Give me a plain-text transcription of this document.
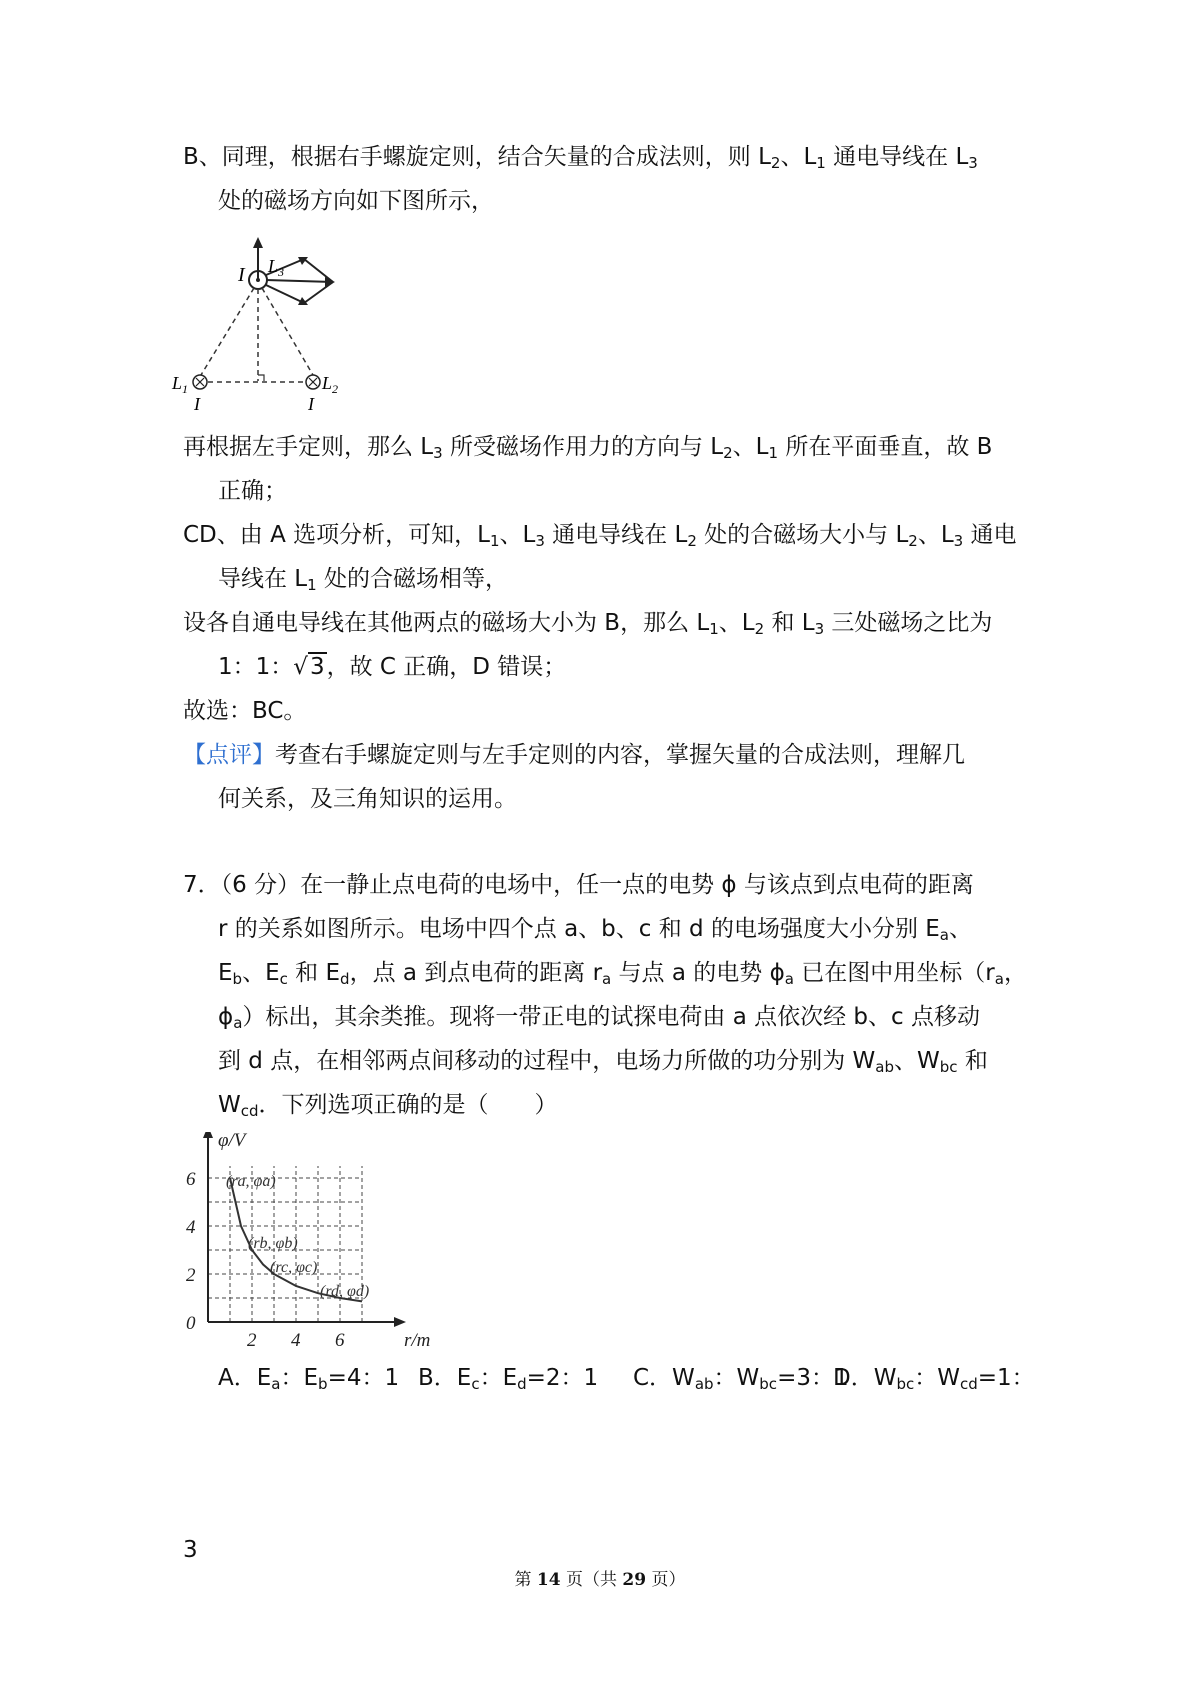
B、同理，根据右手螺旋定则，结合矢量的合成法则，则 $L_2$、$L_1$ 通电导线在 $L_3$
处的磁场方向如下图所示，
I $L_3$
$L_1$	$L_2$
I	I
再根据左手定则，那么 $L_3$ 所受磁场作用力的方向与 $L_2$、$L_1$ 所在平面垂直，故 B
正确；
CD、由 A 选项分析，可知，$L_1$、$L_3$ 通电导线在 $L_2$ 处的合磁场大小与 $L_2$、$L_3$ 通电
导线在 $L_1$ 处的合磁场相等，
设各自通电导线在其他两点的磁场大小为 B，那么 $L_1$、$L_2$ 和 $L_3$ 三处磁场之比为
1：1：√3，故 C 正确，D 错误；
故选：BC。
【点评】考查右手螺旋定则与左手定则的内容，掌握矢量的合成法则，理解几
何关系，及三角知识的运用。
7．（6 分）在一静止点电荷的电场中，任一点的电势 ϕ 与该点到点电荷的距离
r 的关系如图所示。电场中四个点 a、b、c 和 d 的电场强度大小分别 $E_a$、
$E_b$、$E_c$ 和 $E_d$，点 a 到点电荷的距离 $r_a$ 与点 a 的电势 $\phi_a$ 已在图中用坐标（$r_a$，
$\phi_a$）标出，其余类推。现将一带正电的试探电荷由 a 点依次经 b、c 点移动
到 d 点，在相邻两点间移动的过程中，电场力所做的功分别为 $W_{ab}$、$W_{bc}$ 和
$W_{cd}$．下列选项正确的是（　　）
2 4 6
0
2
4
6
φ/V
r/m
(ra, φa)
(rb, φb)
(rc, φc)
(rd, φd)
A．$E_a$：$E_b=4$：1 B．$E_c$：$E_d=2$：1 C．$W_{ab}$：$W_{bc}=3$：1
D．$W_{bc}$：$W_{cd}=1$：
3
第 14 页（共 29 页）
